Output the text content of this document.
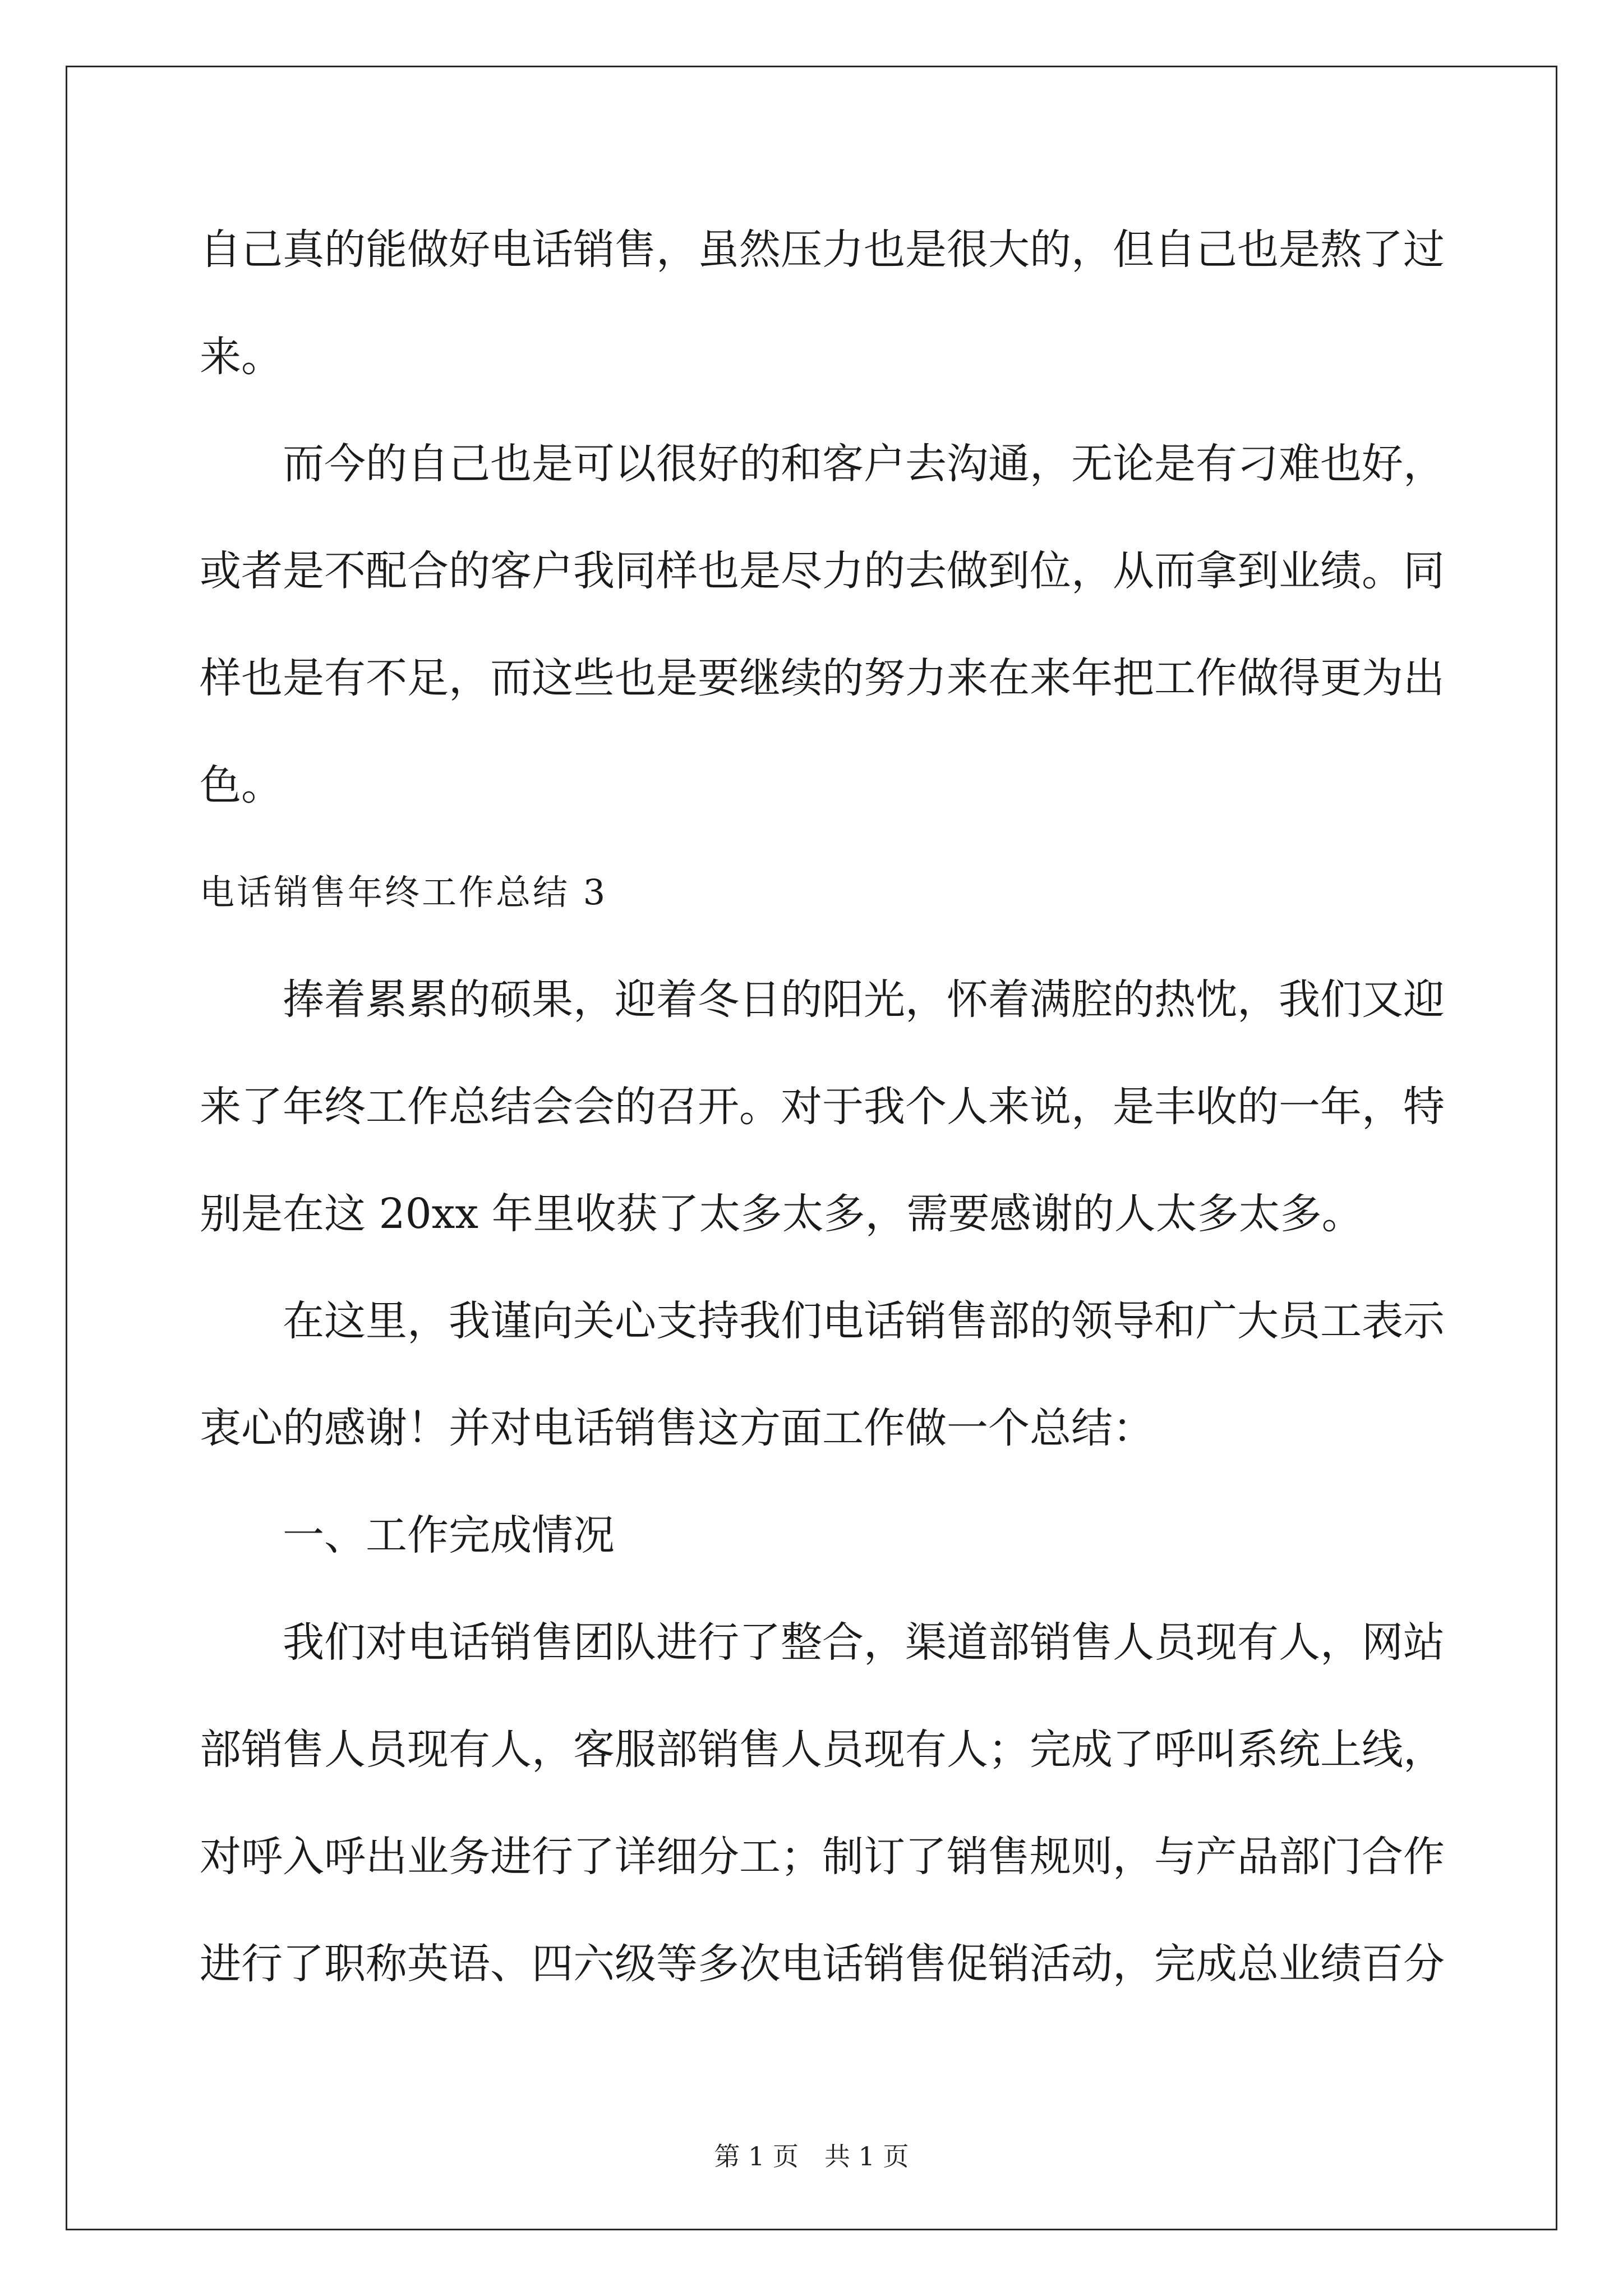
自 己 真 的 能 做 好 电 话 销 售 ， 虽 然 压 力 也 是 很 大 的 ， 但 自 己 也 是 熬 了 过
来。
而 今 的 自 己 也 是 可 以 很 好 的 和 客 户 去 沟 通 ， 无 论 是 有 刁 难 也 好 ，
或 者 是 不 配 合 的 客 户 我 同 样 也 是 尽 力 的 去 做 到 位 ， 从 而 拿 到 业 绩 。 同
样 也 是 有 不 足 ， 而 这 些 也 是 要 继 续 的 努 力 来 在 来 年 把 工 作 做 得 更 为 出
色。
电话销售年终工作总结 3
捧 着 累 累 的 硕 果 ， 迎 着 冬 日 的 阳 光 ， 怀 着 满 腔 的 热 忱 ， 我 们 又 迎
来 了 年 终 工 作 总 结 会 会 的 召 开 。 对 于 我 个 人 来 说 ， 是 丰 收 的 一 年 ， 特
别是在这 20xx 年里收获了太多太多，需要感谢的人太多太多。
在 这 里 ， 我 谨 向 关 心 支 持 我 们 电 话 销 售 部 的 领 导 和 广 大 员 工 表 示
衷心的感谢！并对电话销售这方面工作做一个总结：
一、工作完成情况
我 们 对 电 话 销 售 团 队 进 行 了 整 合 ， 渠 道 部 销 售 人 员 现 有 人 ， 网 站
部 销 售 人 员 现 有 人 ， 客 服 部 销 售 人 员 现 有 人 ； 完 成 了 呼 叫 系 统 上 线 ，
对 呼 入 呼 出 业 务 进 行 了 详 细 分 工 ； 制 订 了 销 售 规 则 ， 与 产 品 部 门 合 作
进 行 了 职 称 英 语 、 四 六 级 等 多 次 电 话 销 售 促 销 活 动 ， 完 成 总 业 绩 百 分
第 1 页　共 1 页
